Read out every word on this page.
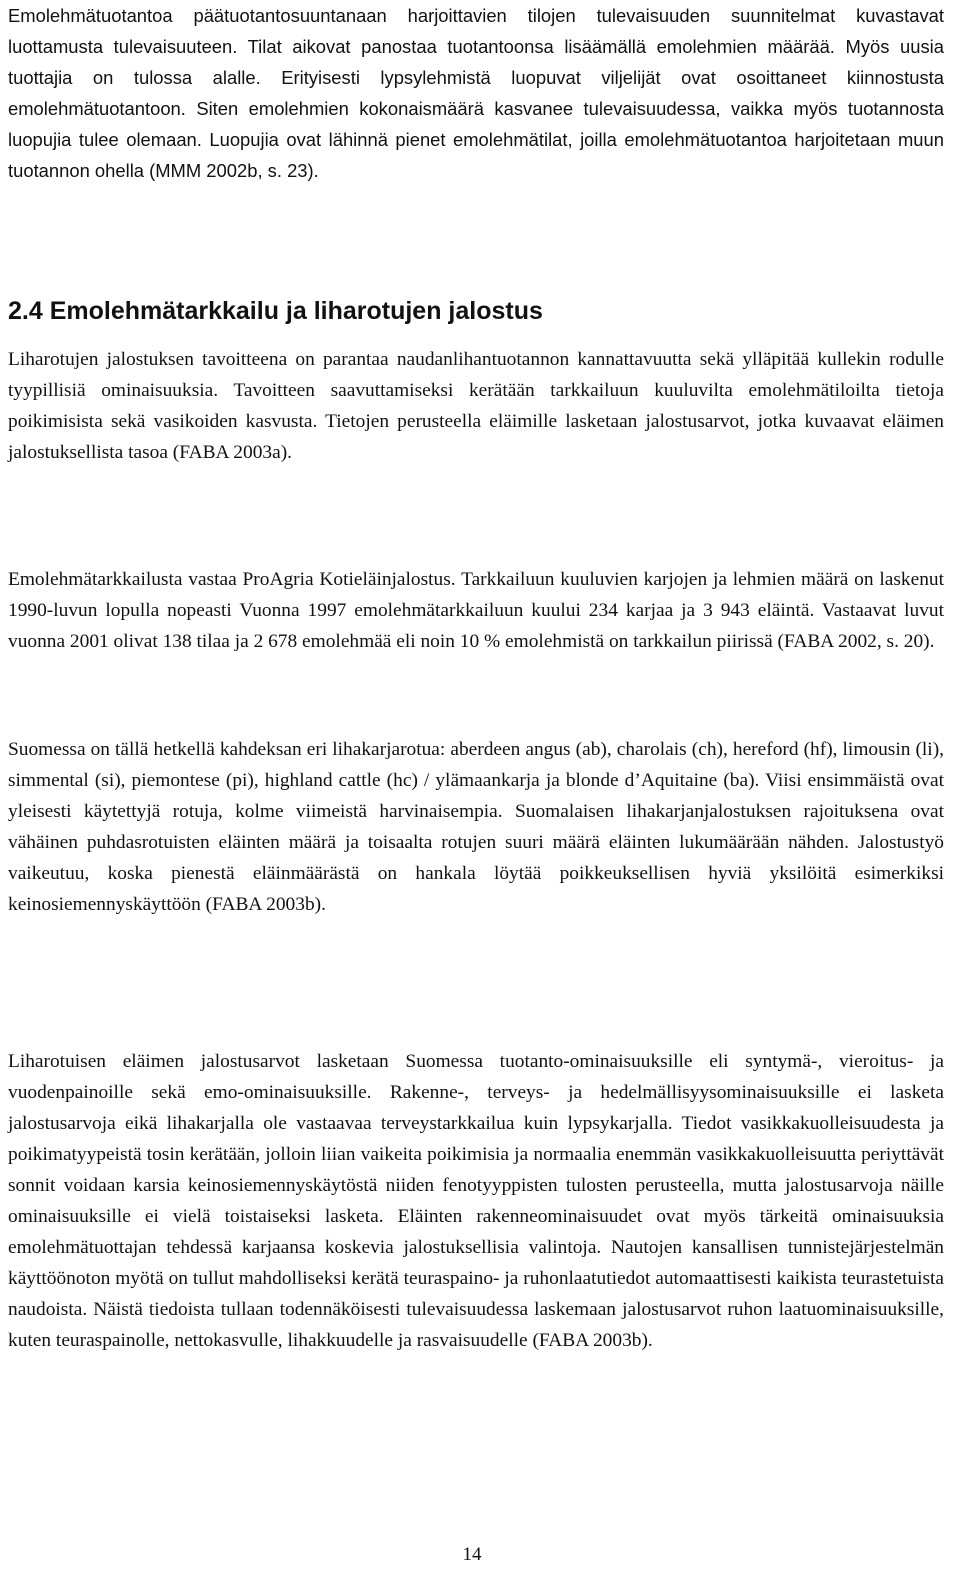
Emolehmätuotantoa päätuotantosuuntanaan harjoittavien tilojen tulevaisuuden suunnitelmat kuvastavat luottamusta tulevaisuuteen. Tilat aikovat panostaa tuotantoonsa lisäämällä emolehmien määrää. Myös uusia tuottajia on tulossa alalle. Erityisesti lypsylehmistä luopuvat viljelijät ovat osoittaneet kiinnostusta emolehmätuotantoon. Siten emolehmien kokonaismäärä kasvanee tulevaisuudessa, vaikka myös tuotannosta luopujia tulee olemaan. Luopujia ovat lähinnä pienet emolehmätilat, joilla emolehmätuotantoa harjoitetaan muun tuotannon ohella (MMM 2002b, s. 23).

2.4 Emolehmätarkkailu ja liharotujen jalostus

Liharotujen jalostuksen tavoitteena on parantaa naudanlihantuotannon kannattavuutta sekä ylläpitää kullekin rodulle tyypillisiä ominaisuuksia. Tavoitteen saavuttamiseksi kerätään tarkkailuun kuuluvilta emolehmätiloilta tietoja poikimisista sekä vasikoiden kasvusta. Tietojen perusteella eläimille lasketaan jalostusarvot, jotka kuvaavat eläimen jalostuksellista tasoa (FABA 2003a).

Emolehmätarkkailusta vastaa ProAgria Kotieläinjalostus. Tarkkailuun kuuluvien karjojen ja lehmien määrä on laskenut 1990-luvun lopulla nopeasti Vuonna 1997 emolehmätarkkailuun kuului 234 karjaa ja 3 943 eläintä. Vastaavat luvut vuonna 2001 olivat 138 tilaa ja 2 678 emolehmää eli noin 10 % emolehmistä on tarkkailun piirissä (FABA 2002, s. 20).

Suomessa on tällä hetkellä kahdeksan eri lihakarjarotua: aberdeen angus (ab), charolais (ch), hereford (hf), limousin (li), simmental (si), piemontese (pi), highland cattle (hc) / ylämaankarja ja blonde d’Aquitaine (ba). Viisi ensimmäistä ovat yleisesti käytettyjä rotuja, kolme viimeistä harvinaisempia. Suomalaisen lihakarjanjalostuksen rajoituksena ovat vähäinen puhdasrotuisten eläinten määrä ja toisaalta rotujen suuri määrä eläinten lukumäärään nähden. Jalostustyö vaikeutuu, koska pienestä eläinmäärästä on hankala löytää poikkeuksellisen hyviä yksilöitä esimerkiksi keinosiemennyskäyttöön (FABA 2003b).

Liharotuisen eläimen jalostusarvot lasketaan Suomessa tuotanto-ominaisuuksille eli syntymä-, vieroitus- ja vuodenpainoille sekä emo-ominaisuuksille. Rakenne-, terveys- ja hedelmällisyysominaisuuksille ei lasketa jalostusarvoja eikä lihakarjalla ole vastaavaa terveystarkkailua kuin lypsykarjalla. Tiedot vasikkakuolleisuudesta ja poikimatyypeistä tosin kerätään, jolloin liian vaikeita poikimisia ja normaalia enemmän vasikkakuolleisuutta periyttävät sonnit voidaan karsia keinosiemennyskäytöstä niiden fenotyyppisten tulosten perusteella, mutta jalostusarvoja näille ominaisuuksille ei vielä toistaiseksi lasketa. Eläinten rakenneominaisuudet ovat myös tärkeitä ominaisuuksia emolehmätuottajan tehdessä karjaansa koskevia jalostuksellisia valintoja. Nautojen kansallisen tunnistejärjestelmän käyttöönoton myötä on tullut mahdolliseksi kerätä teuraspaino- ja ruhonlaatutiedot automaattisesti kaikista teurastetuista naudoista. Näistä tiedoista tullaan todennäköisesti tulevaisuudessa laskemaan jalostusarvot ruhon laatuominaisuuksille, kuten teuraspainolle, nettokasvulle, lihakkuudelle ja rasvaisuudelle (FABA 2003b).

14
